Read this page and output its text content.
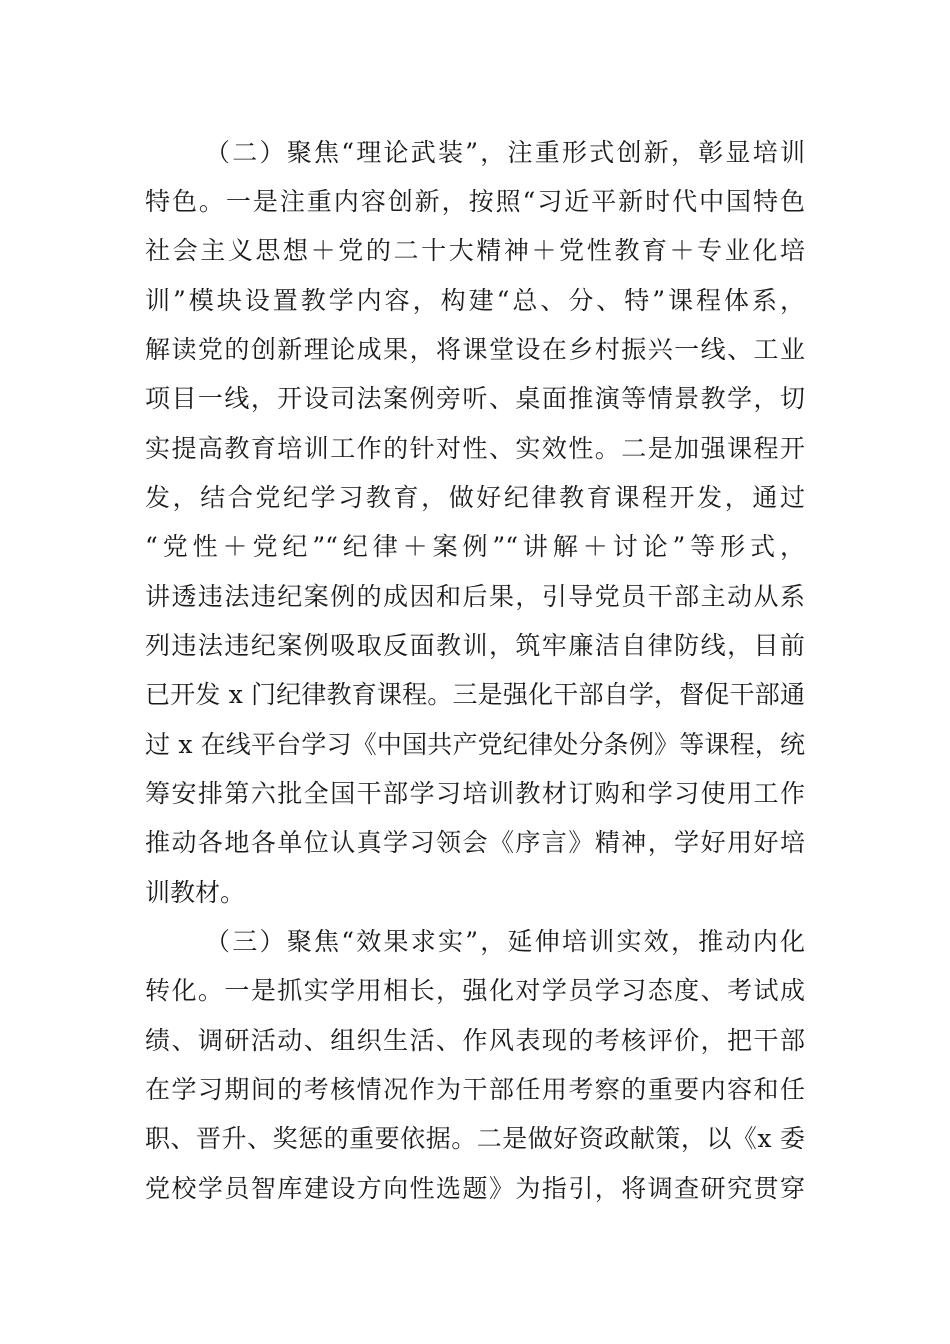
（二）聚焦“理论武装”，注重形式创新，彰显培训
特色。一是注重内容创新，按照“习近平新时代中国特色
社会主义思想＋党的二十大精神＋党性教育＋专业化培
训”模块设置教学内容，构建“总、分、特”课程体系，
解读党的创新理论成果，将课堂设在乡村振兴一线、工业
项目一线，开设司法案例旁听、桌面推演等情景教学，切
实提高教育培训工作的针对性、实效性。二是加强课程开
发，结合党纪学习教育，做好纪律教育课程开发，通过
“党性＋党纪”“纪律＋案例”“讲解＋讨论”等形式，
讲透违法违纪案例的成因和后果，引导党员干部主动从系
列违法违纪案例吸取反面教训，筑牢廉洁自律防线，目前
已开发 x 门纪律教育课程。三是强化干部自学，督促干部通
过 x 在线平台学习《中国共产党纪律处分条例》等课程，统
筹安排第六批全国干部学习培训教材订购和学习使用工作
推动各地各单位认真学习领会《序言》精神，学好用好培
训教材。
（三）聚焦“效果求实”，延伸培训实效，推动内化
转化。一是抓实学用相长，强化对学员学习态度、考试成
绩、调研活动、组织生活、作风表现的考核评价，把干部
在学习期间的考核情况作为干部任用考察的重要内容和任
职、晋升、奖惩的重要依据。二是做好资政献策，以《x 委
党校学员智库建设方向性选题》为指引，将调查研究贯穿
